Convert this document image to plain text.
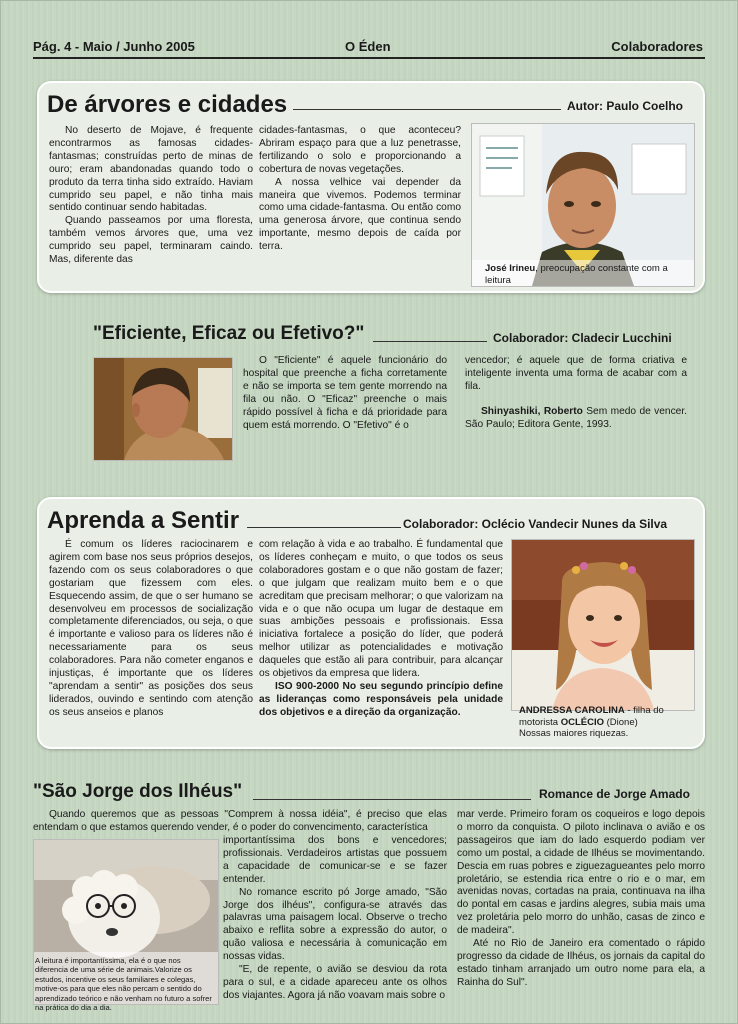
Pág. 4 - Maio / Junho 2005	O Éden	Colaboradores
De árvores e cidades	Autor: Paulo Coelho

No deserto de Mojave, é frequente encontrarmos as famosas cidades-fantasmas; construídas perto de minas de ouro; eram abandonadas quando todo o produto da terra tinha sido extraído. Haviam cumprido seu papel, e não tinha mais sentido continuar sendo habitadas.

Quando passeamos por uma floresta, também vemos árvores que, uma vez cumprido seu papel, terminaram caindo. Mas, diferente das

cidades-fantasmas, o que aconteceu? Abriram espaço para que a luz penetrasse, fertilizando o solo e proporcionando a cobertura de novas vegetações.

A nossa velhice vai depender da maneira que vivemos. Podemos terminar como uma cidade-fantasma. Ou então como uma generosa árvore, que continua sendo importante, mesmo depois de caída por terra.

José Irineu, preocupação constante com a leitura
"Eficiente, Eficaz ou Efetivo?"	Colaborador: Cladecir Lucchini

O "Eficiente" é aquele funcionário do hospital que preenche a ficha corretamente e não se importa se tem gente morrendo na fila ou não. O "Eficaz" preenche o mais rápido possível à ficha e dá prioridade para quem está morrendo. O "Efetivo" é o

vencedor; é aquele que de forma criativa e inteligente inventa uma forma de acabar com a fila.

Shinyashiki, Roberto Sem medo de vencer. São Paulo; Editora Gente, 1993.

Aprenda a Sentir	Colaborador: Oclécio Vandecir Nunes da Silva

É comum os líderes raciocinarem e agirem com base nos seus próprios desejos, fazendo com os seus colaboradores o que gostariam que fizessem com eles. Esquecendo assim, de que o ser humano se desenvolveu em processos de socialização completamente diferenciados, ou seja, o que é importante e valioso para os líderes não é necessariamente para os seus colaboradores. Para não cometer enganos e injustiças, é importante que os líderes "aprendam a sentir" as posições dos seus liderados, ouvindo e sentindo com atenção os seus anseios e planos

com relação à vida e ao trabalho. É fundamental que os líderes conheçam e muito, o que todos os seus colaboradores gostam e o que não gostam de fazer; o que julgam que realizam muito bem e o que acreditam que precisam melhorar; o que valorizam na vida e o que não ocupa um lugar de destaque em suas ambições pessoais e profissionais. Essa iniciativa fortalece a posição do líder, que poderá melhor utilizar as potencialidades e motivação daqueles que estão ali para contribuir, para alcançar os objetivos da empresa que lidera.

ISO 900-2000 No seu segundo princípio define as lideranças como responsáveis pela unidade dos objetivos e a direção da organização.	ANDRESSA CAROLINA - filha do motorista OCLÉCIO (Dione)
Nossas maiores riquezas.
"São Jorge dos Ilhéus"	Romance de Jorge Amado

Quando queremos que as pessoas "Comprem à nossa idéia", é preciso que elas entendam o que estamos querendo vender, é o poder do convencimento, característica

A leitura é importantíssima, ela é o que nos diferencia de uma série de animais.Valorize os estudos, incentive os seus familiares e colegas, motive-os para que eles não percam o sentido do aprendizado teórico e não venham no futuro a sofrer na prática do dia a dia.

importantíssima dos bons e vencedores; profissionais. Verdadeiros artistas que possuem a capacidade de comunicar-se e se fazer entender.

No romance escrito pó Jorge amado, "São Jorge dos ilhéus", configura-se através das palavras uma paisagem local. Observe o trecho abaixo e reflita sobre a expressão do autor, o quão valiosa e necessária à comunicação em nossas vidas.

"E, de repente, o avião se desviou da rota para o sul, e a cidade apareceu ante os olhos dos viajantes. Agora já não voavam mais sobre o

mar verde. Primeiro foram os coqueiros e logo depois o morro da conquista. O piloto inclinava o avião e os passageiros que iam do lado esquerdo podiam ver como um postal, a cidade de Ilhéus se movimentando. Descia em ruas pobres e ziguezagueantes pelo morro proletário, se estendia rica entre o rio e o mar, em avenidas novas, cortadas na praia, continuava na ilha do pontal em casas e jardins alegres, subia mais uma vez proletária pelo morro do unhão, casas de zinco e de madeira".

Até no Rio de Janeiro era comentado o rápido progresso da cidade de Ilhéus, os jornais da capital do estado tinham arranjado um outro nome para ela, a Rainha do Sul".
